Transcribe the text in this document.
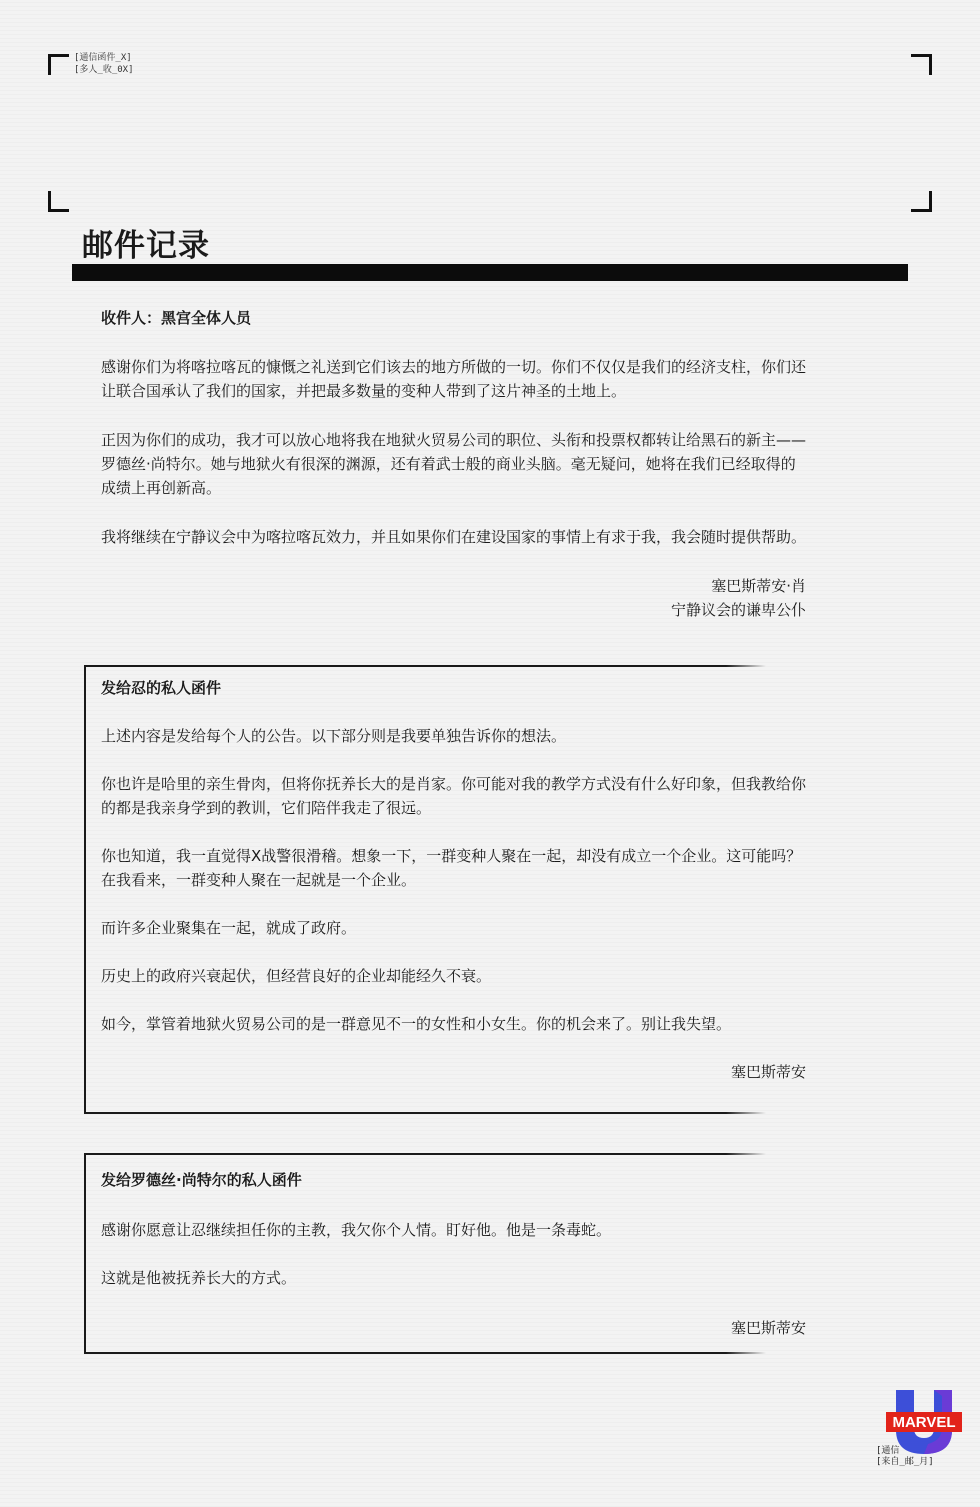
[通信函件_X]
[多人_收_0X]
邮件记录

收件人：黑宫全体人员

感谢你们为将喀拉喀瓦的慷慨之礼送到它们该去的地方所做的一切。你们不仅仅是我们的经济支柱，你们还让联合国承认了我们的国家，并把最多数量的变种人带到了这片神圣的土地上。

正因为你们的成功，我才可以放心地将我在地狱火贸易公司的职位、头衔和投票权都转让给黑石的新主——罗德丝·尚特尔。她与地狱火有很深的渊源，还有着武士般的商业头脑。毫无疑问，她将在我们已经取得的成绩上再创新高。

我将继续在宁静议会中为喀拉喀瓦效力，并且如果你们在建设国家的事情上有求于我，我会随时提供帮助。

塞巴斯蒂安·肖

宁静议会的谦卑公仆

发给忍的私人函件

上述内容是发给每个人的公告。以下部分则是我要单独告诉你的想法。

你也许是哈里的亲生骨肉，但将你抚养长大的是肖家。你可能对我的教学方式没有什么好印象，但我教给你的都是我亲身学到的教训，它们陪伴我走了很远。

你也知道，我一直觉得X战警很滑稽。想象一下，一群变种人聚在一起，却没有成立一个企业。这可能吗？在我看来，一群变种人聚在一起就是一个企业。

而许多企业聚集在一起，就成了政府。

历史上的政府兴衰起伏，但经营良好的企业却能经久不衰。

如今，掌管着地狱火贸易公司的是一群意见不一的女性和小女生。你的机会来了。别让我失望。

塞巴斯蒂安

发给罗德丝·尚特尔的私人函件

感谢你愿意让忍继续担任你的主教，我欠你个人情。盯好他。他是一条毒蛇。

这就是他被抚养长大的方式。

塞巴斯蒂安

MARVEL
[通信
[来自_邮_月]
